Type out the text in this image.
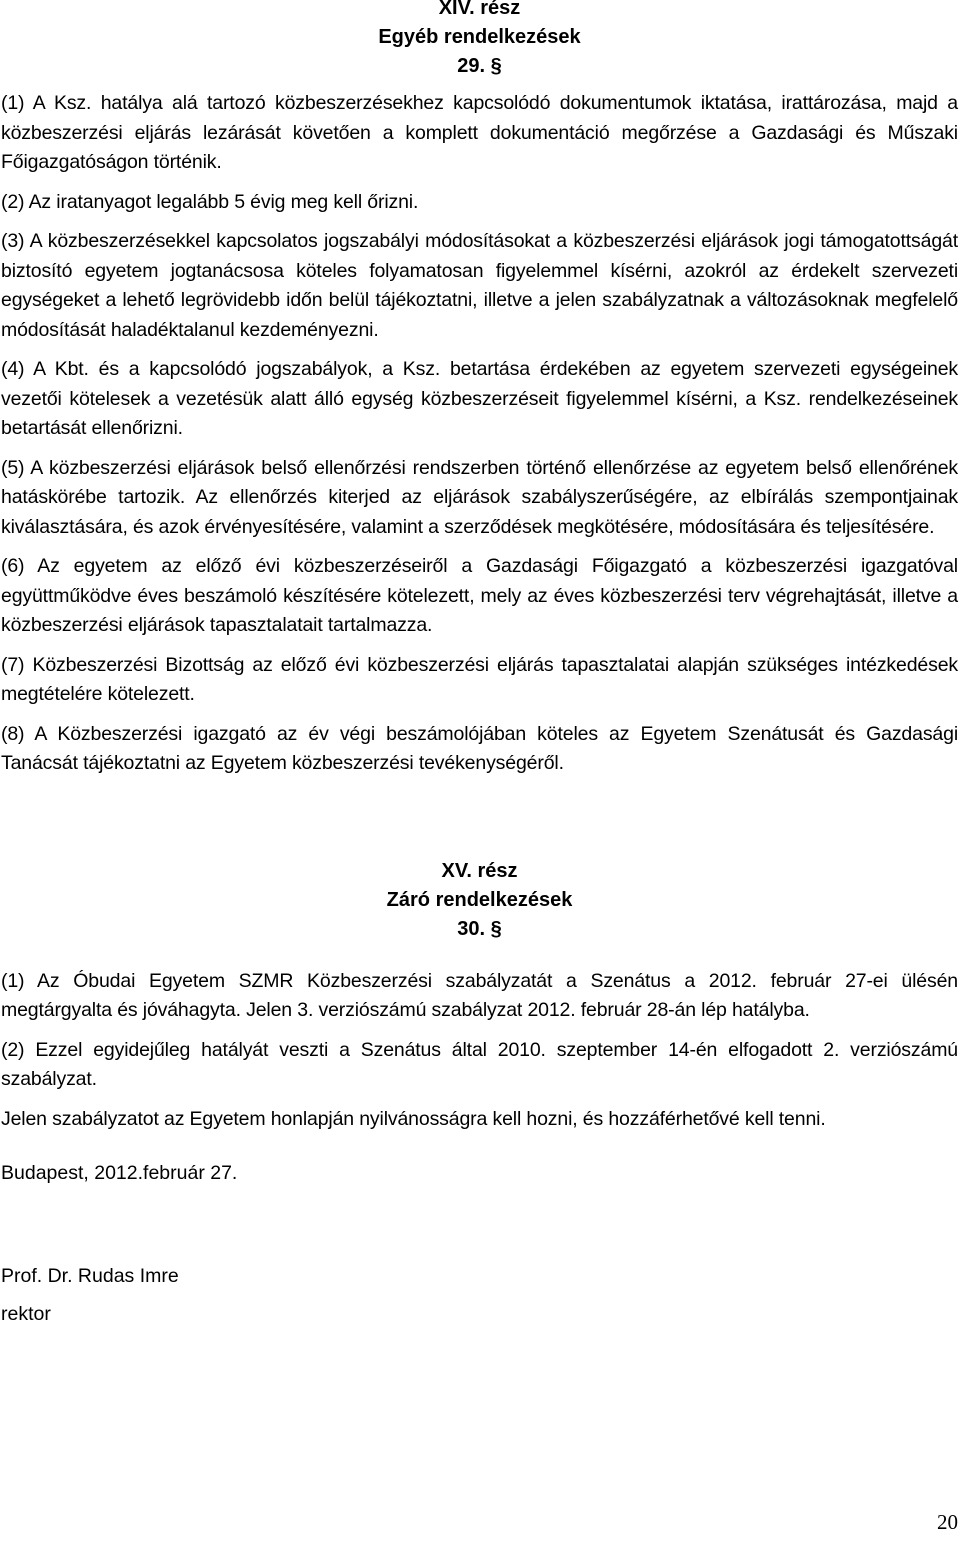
XIV. rész
Egyéb rendelkezések
29. §

(1) A Ksz. hatálya alá tartozó közbeszerzésekhez kapcsolódó dokumentumok iktatása, irattározása, majd a közbeszerzési eljárás lezárását követően a komplett dokumentáció megőrzése a Gazdasági és Műszaki Főigazgatóságon történik.

(2) Az iratanyagot legalább 5 évig meg kell őrizni.

(3) A közbeszerzésekkel kapcsolatos jogszabályi módosításokat a közbeszerzési eljárások jogi támogatottságát biztosító egyetem jogtanácsosa köteles folyamatosan figyelemmel kísérni, azokról az érdekelt szervezeti egységeket a lehető legrövidebb időn belül tájékoztatni, illetve a jelen szabályzatnak a változásoknak megfelelő módosítását haladéktalanul kezdeményezni.

(4) A Kbt. és a kapcsolódó jogszabályok, a Ksz. betartása érdekében az egyetem szervezeti egységeinek vezetői kötelesek a vezetésük alatt álló egység közbeszerzéseit figyelemmel kísérni, a Ksz. rendelkezéseinek betartását ellenőrizni.

(5) A közbeszerzési eljárások belső ellenőrzési rendszerben történő ellenőrzése az egyetem belső ellenőrének hatáskörébe tartozik. Az ellenőrzés kiterjed az eljárások szabályszerűségére, az elbírálás szempontjainak kiválasztására, és azok érvényesítésére, valamint a szerződések megkötésére, módosítására és teljesítésére.

(6) Az egyetem az előző évi közbeszerzéseiről a Gazdasági Főigazgató a közbeszerzési igazgatóval együttműködve éves beszámoló készítésére kötelezett, mely az éves közbeszerzési terv végrehajtását, illetve a közbeszerzési eljárások tapasztalatait tartalmazza.

(7) Közbeszerzési Bizottság az előző évi közbeszerzési eljárás tapasztalatai alapján szükséges intézkedések megtételére kötelezett.

(8) A Közbeszerzési igazgató az év végi beszámolójában köteles az Egyetem Szenátusát és Gazdasági Tanácsát tájékoztatni az Egyetem közbeszerzési tevékenységéről.

XV. rész
Záró rendelkezések
30. §

(1) Az Óbudai Egyetem SZMR Közbeszerzési szabályzatát a Szenátus a 2012. február 27-ei ülésén megtárgyalta és jóváhagyta. Jelen 3. verziószámú szabályzat 2012. február 28-án lép hatályba.

(2) Ezzel egyidejűleg hatályát veszti a Szenátus által 2010. szeptember 14-én elfogadott 2. verziószámú szabályzat.

Jelen szabályzatot az Egyetem honlapján nyilvánosságra kell hozni, és hozzáférhetővé kell tenni.

Budapest, 2012.február 27.

Prof. Dr. Rudas Imre

rektor

20
